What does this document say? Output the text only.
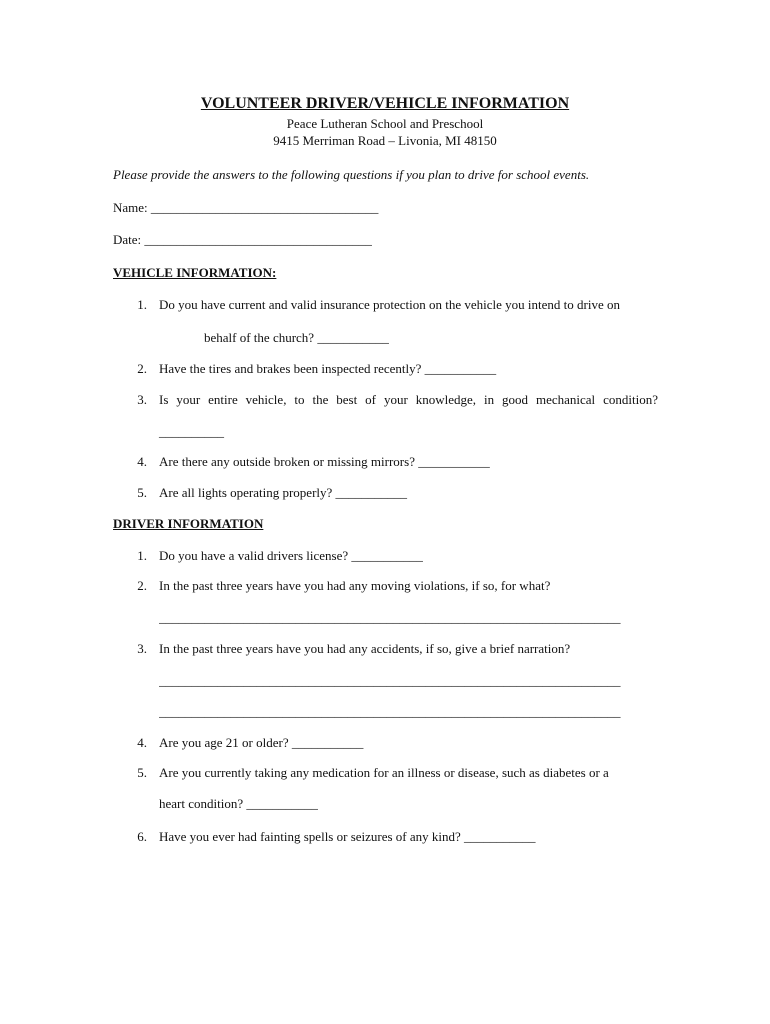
VOLUNTEER DRIVER/VEHICLE INFORMATION
Peace Lutheran School and Preschool
9415 Merriman Road – Livonia, MI 48150
Please provide the answers to the following questions if you plan to drive for school events.
Name: ___________________________________
Date: ___________________________________
VEHICLE INFORMATION:
1. Do you have current and valid insurance protection on the vehicle you intend to drive on
behalf of the church? ___________
2. Have the tires and brakes been inspected recently? ___________
3. Is your entire vehicle, to the best of your knowledge, in good mechanical condition?
__________
4. Are there any outside broken or missing mirrors? ___________
5. Are all lights operating properly? ___________
DRIVER INFORMATION
1. Do you have a valid drivers license? ___________
2. In the past three years have you had any moving violations, if so, for what?
_______________________________________________________________________
3. In the past three years have you had any accidents, if so, give a brief narration?
_______________________________________________________________________
_______________________________________________________________________
4. Are you age 21 or older? ___________
5. Are you currently taking any medication for an illness or disease, such as diabetes or a
heart condition? ___________
6. Have you ever had fainting spells or seizures of any kind? ___________
